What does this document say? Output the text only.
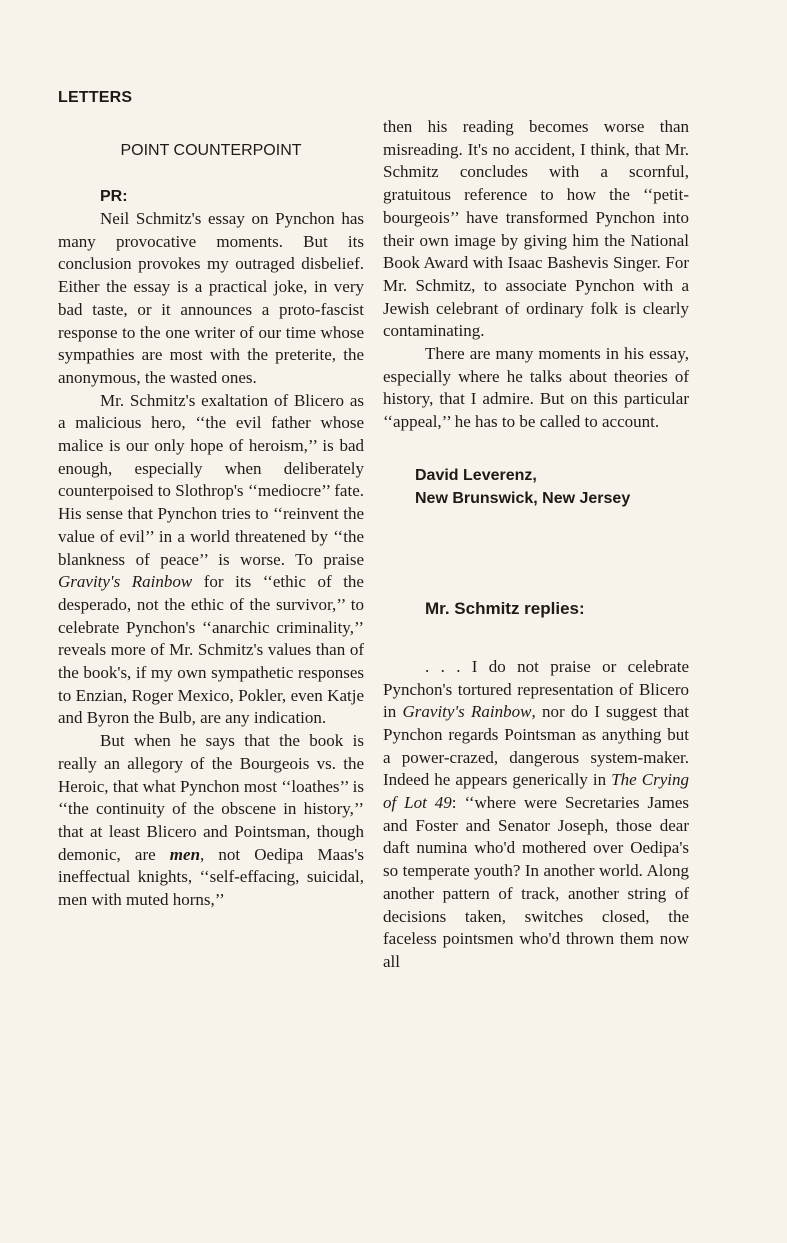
LETTERS
POINT COUNTERPOINT
PR:

Neil Schmitz's essay on Pynchon has many provocative moments. But its conclusion provokes my outraged disbelief. Either the essay is a practical joke, in very bad taste, or it announces a proto-fascist response to the one writer of our time whose sympathies are most with the preterite, the anonymous, the wasted ones.

Mr. Schmitz's exaltation of Blicero as a malicious hero, ‘‘the evil father whose malice is our only hope of heroism,’’ is bad enough, especially when deliberately counterpoised to Slothrop's ‘‘mediocre’’ fate. His sense that Pynchon tries to ‘‘reinvent the value of evil’’ in a world threatened by ‘‘the blankness of peace’’ is worse. To praise Gravity's Rainbow for its ‘‘ethic of the desperado, not the ethic of the survivor,’’ to celebrate Pynchon's ‘‘anarchic criminality,’’ reveals more of Mr. Schmitz's values than of the book's, if my own sympathetic responses to Enzian, Roger Mexico, Pokler, even Katje and Byron the Bulb, are any indication.

But when he says that the book is really an allegory of the Bourgeois vs. the Heroic, that what Pynchon most ‘‘loathes’’ is ‘‘the continuity of the obscene in history,’’ that at least Blicero and Pointsman, though demonic, are men, not Oedipa Maas's ineffectual knights, ‘‘self-effacing, suicidal, men with muted horns,’’

then his reading becomes worse than misreading. It's no accident, I think, that Mr. Schmitz concludes with a scornful, gratuitous reference to how the ‘‘petit-bourgeois’’ have transformed Pynchon into their own image by giving him the National Book Award with Isaac Bashevis Singer. For Mr. Schmitz, to associate Pynchon with a Jewish celebrant of ordinary folk is clearly contaminating.

There are many moments in his essay, especially where he talks about theories of history, that I admire. But on this particular ‘‘appeal,’’ he has to be called to account.

David Leverenz,
New Brunswick, New Jersey
Mr. Schmitz replies:

. . . I do not praise or celebrate Pynchon's tortured representation of Blicero in Gravity's Rainbow, nor do I suggest that Pynchon regards Pointsman as anything but a power-crazed, dangerous system-maker. Indeed he appears generically in The Crying of Lot 49: ‘‘where were Secretaries James and Foster and Senator Joseph, those dear daft numina who'd mothered over Oedipa's so temperate youth? In another world. Along another pattern of track, another string of decisions taken, switches closed, the faceless pointsmen who'd thrown them now all
